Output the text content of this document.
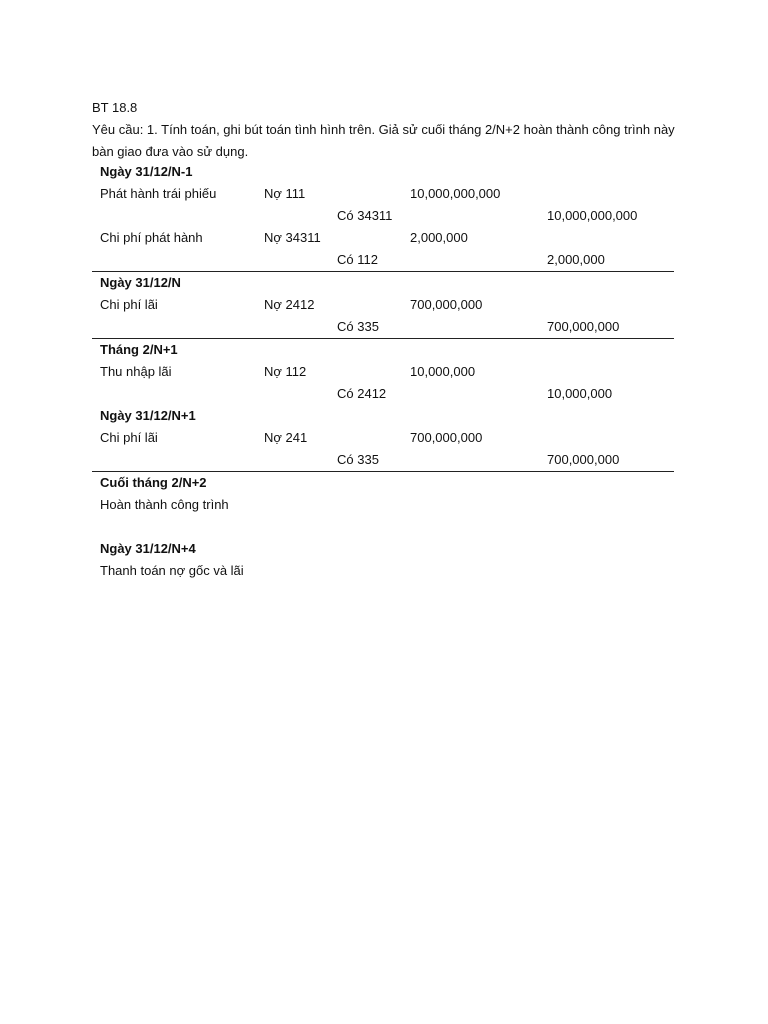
BT 18.8
Yêu cầu: 1. Tính toán, ghi bút toán tình hình trên. Giả sử cuối tháng 2/N+2 hoàn thành công trình này
bàn giao đưa vào sử dụng.
Ngày 31/12/N-1
Phát hành trái phiếu	Nợ 111	10,000,000,000
Có 34311	10,000,000,000
Chi phí phát hành	Nợ 34311	2,000,000
Có 112	2,000,000
Ngày 31/12/N
Chi phí lãi	Nợ 2412	700,000,000
Có 335	700,000,000
Tháng 2/N+1
Thu nhập lãi	Nợ 112	10,000,000
Có 2412	10,000,000
Ngày 31/12/N+1
Chi phí lãi	Nợ 241	700,000,000
Có 335	700,000,000
Cuối tháng 2/N+2
Hoàn thành công trình
Ngày 31/12/N+4
Thanh toán nợ gốc và lãi
